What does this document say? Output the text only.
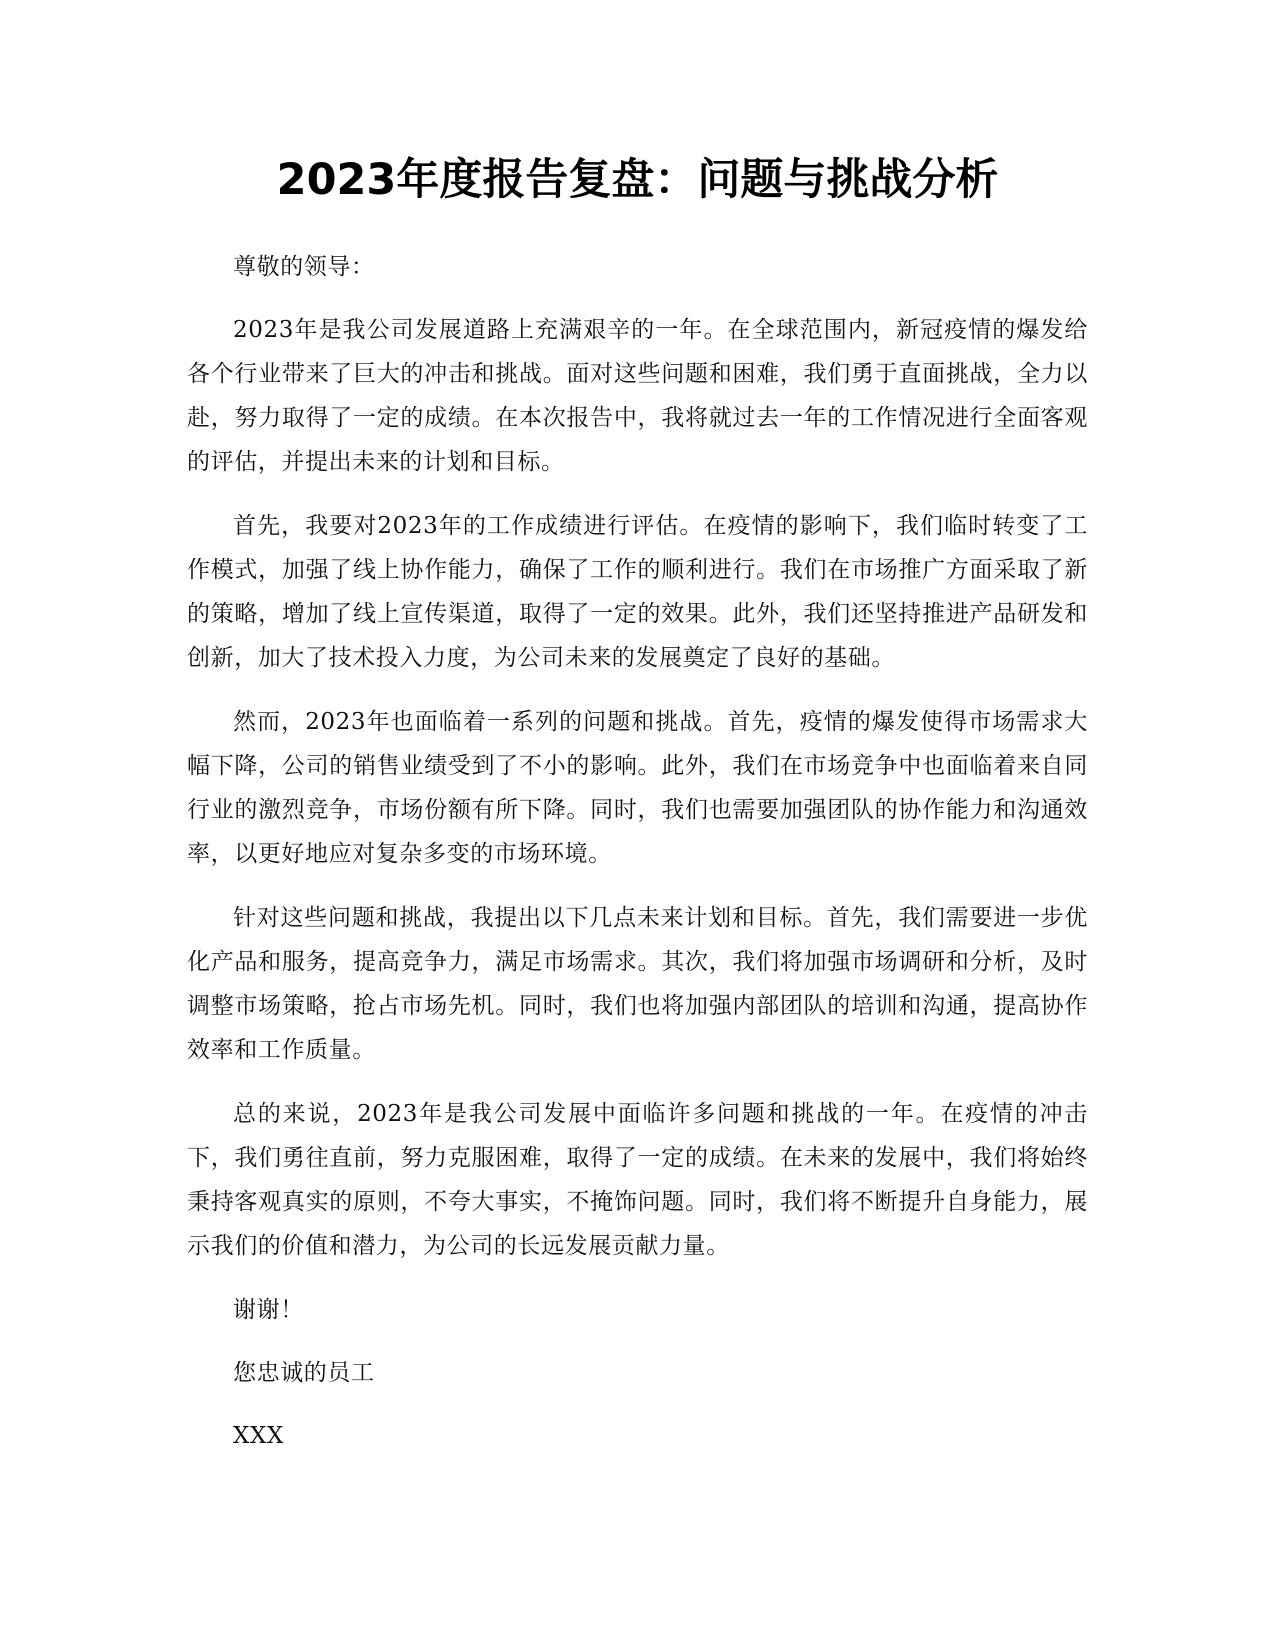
2023年度报告复盘：问题与挑战分析

尊敬的领导：

2023年是我公司发展道路上充满艰辛的一年。在全球范围内，新冠疫情的爆发给各个行业带来了巨大的冲击和挑战。面对这些问题和困难，我们勇于直面挑战，全力以赴，努力取得了一定的成绩。在本次报告中，我将就过去一年的工作情况进行全面客观的评估，并提出未来的计划和目标。

首先，我要对2023年的工作成绩进行评估。在疫情的影响下，我们临时转变了工作模式，加强了线上协作能力，确保了工作的顺利进行。我们在市场推广方面采取了新的策略，增加了线上宣传渠道，取得了一定的效果。此外，我们还坚持推进产品研发和创新，加大了技术投入力度，为公司未来的发展奠定了良好的基础。

然而，2023年也面临着一系列的问题和挑战。首先，疫情的爆发使得市场需求大幅下降，公司的销售业绩受到了不小的影响。此外，我们在市场竞争中也面临着来自同行业的激烈竞争，市场份额有所下降。同时，我们也需要加强团队的协作能力和沟通效率，以更好地应对复杂多变的市场环境。

针对这些问题和挑战，我提出以下几点未来计划和目标。首先，我们需要进一步优化产品和服务，提高竞争力，满足市场需求。其次，我们将加强市场调研和分析，及时调整市场策略，抢占市场先机。同时，我们也将加强内部团队的培训和沟通，提高协作效率和工作质量。

总的来说，2023年是我公司发展中面临许多问题和挑战的一年。在疫情的冲击下，我们勇往直前，努力克服困难，取得了一定的成绩。在未来的发展中，我们将始终秉持客观真实的原则，不夸大事实，不掩饰问题。同时，我们将不断提升自身能力，展示我们的价值和潜力，为公司的长远发展贡献力量。

谢谢！

您忠诚的员工

XXX
